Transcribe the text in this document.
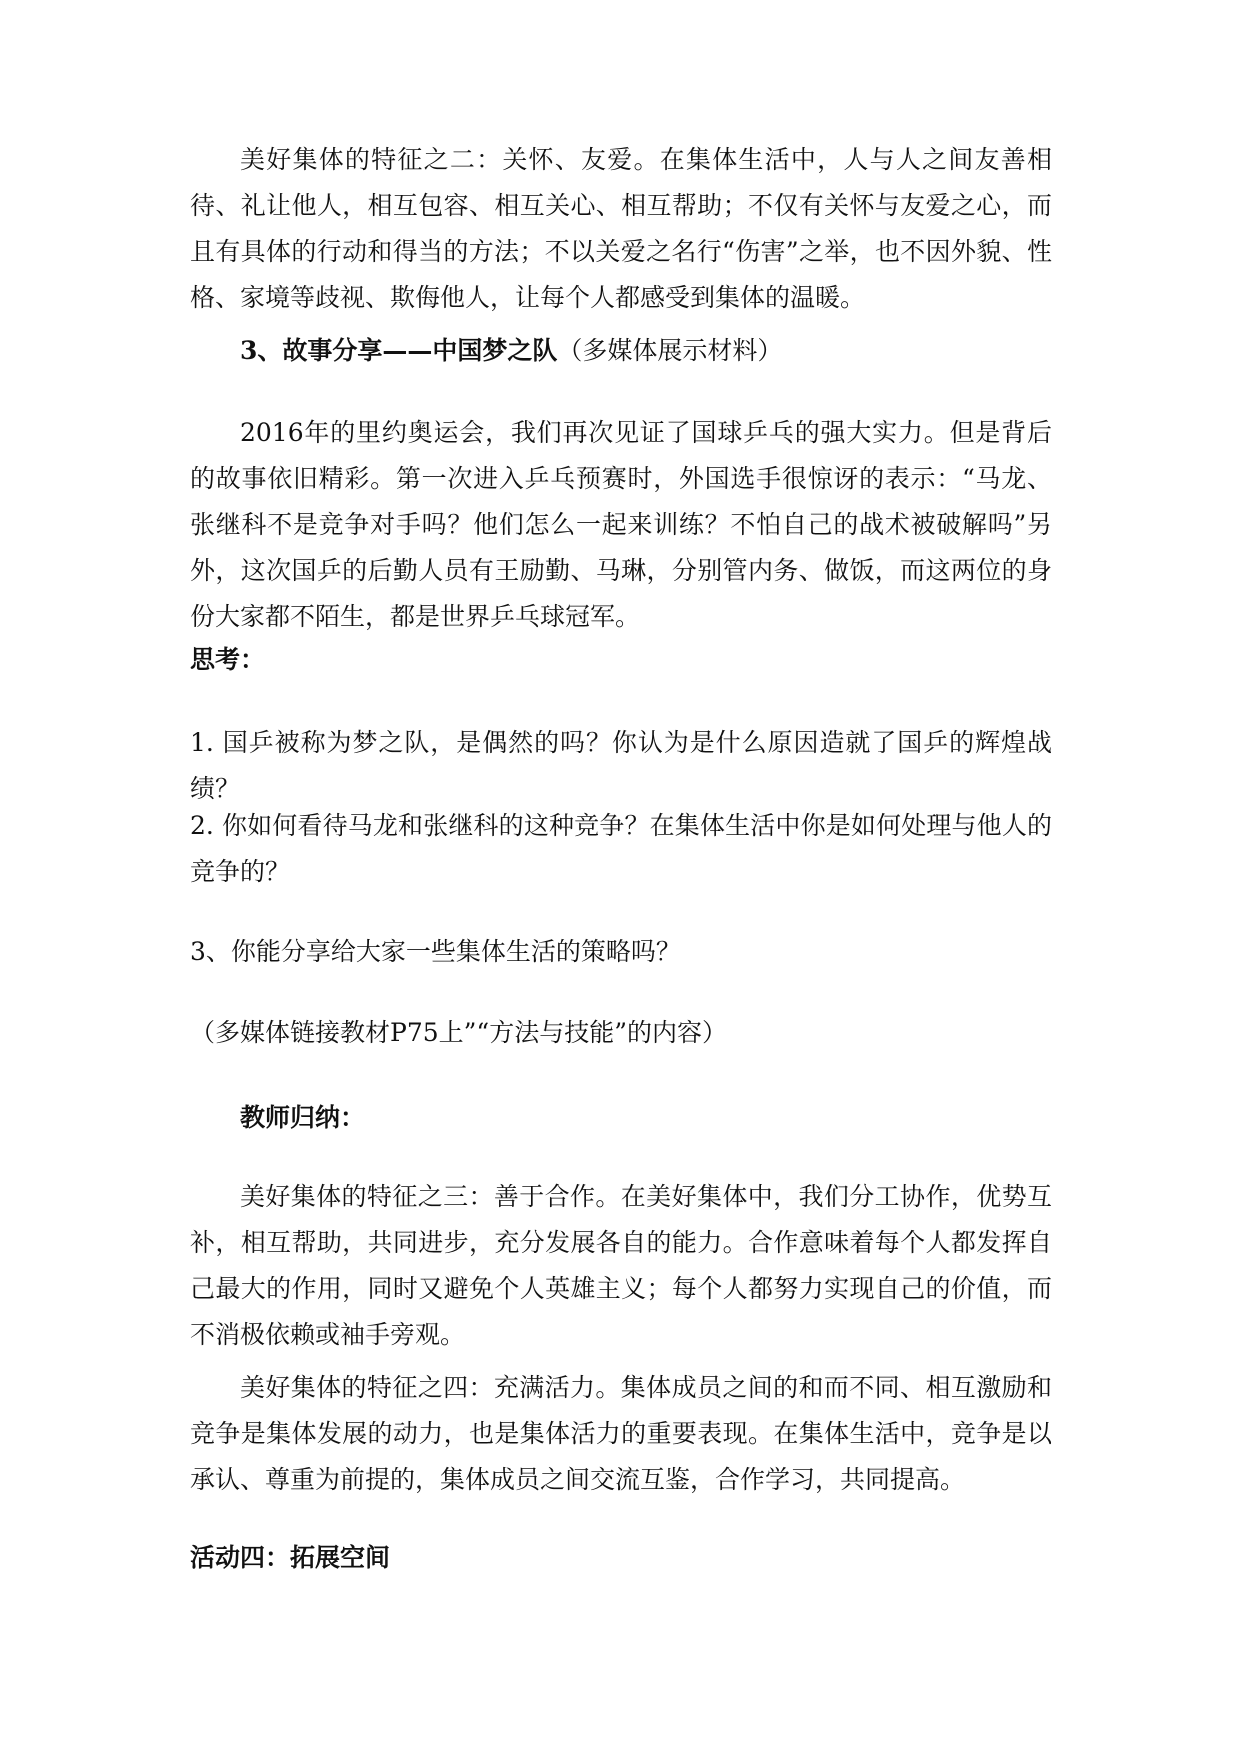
美好集体的特征之二：关怀、友爱。在集体生活中，人与人之间友善相待、礼让他人，相互包容、相互关心、相互帮助；不仅有关怀与友爱之心，而且有具体的行动和得当的方法；不以关爱之名行“伤害”之举，也不因外貌、性格、家境等歧视、欺侮他人，让每个人都感受到集体的温暖。

3、故事分享——中国梦之队（多媒体展示材料）

2016年的里约奥运会，我们再次见证了国球乒乓的强大实力。但是背后的故事依旧精彩。第一次进入乒乓预赛时，外国选手很惊讶的表示：“马龙、张继科不是竞争对手吗？他们怎么一起来训练？不怕自己的战术被破解吗”另外，这次国乒的后勤人员有王励勤、马琳，分别管内务、做饭，而这两位的身份大家都不陌生，都是世界乒乓球冠军。

思考：

1. 国乒被称为梦之队，是偶然的吗？你认为是什么原因造就了国乒的辉煌战绩？

2. 你如何看待马龙和张继科的这种竞争？在集体生活中你是如何处理与他人的竞争的？

3、你能分享给大家一些集体生活的策略吗？

（多媒体链接教材P75上”“方法与技能”的内容）

教师归纳：

美好集体的特征之三：善于合作。在美好集体中，我们分工协作，优势互补，相互帮助，共同进步，充分发展各自的能力。合作意味着每个人都发挥自己最大的作用，同时又避免个人英雄主义；每个人都努力实现自己的价值，而不消极依赖或袖手旁观。

美好集体的特征之四：充满活力。集体成员之间的和而不同、相互激励和竞争是集体发展的动力，也是集体活力的重要表现。在集体生活中，竞争是以承认、尊重为前提的，集体成员之间交流互鉴，合作学习，共同提高。

活动四：拓展空间
